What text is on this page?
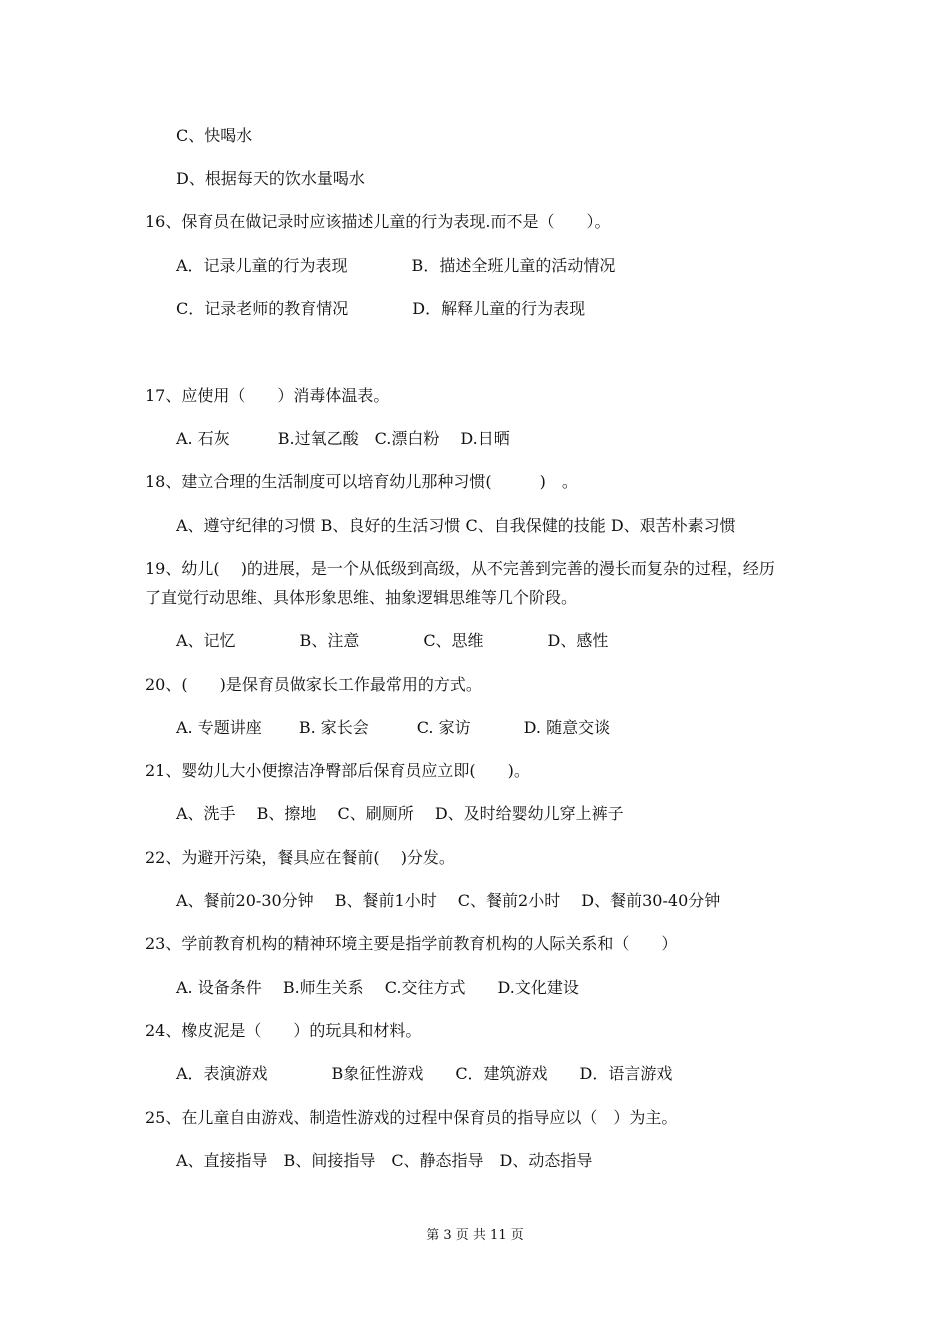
C、快喝水
D、根据每天的饮水量喝水
16、保育员在做记录时应该描述儿童的行为表现.而不是（　　）。
A．记录儿童的行为表现　　　　B．描述全班儿童的活动情况
C．记录老师的教育情况　　　　D．解释儿童的行为表现
17、应使用（　　）消毒体温表。
A. 石灰　　　B.过氧乙酸　C.漂白粉　 D.日晒
18、建立合理的生活制度可以培育幼儿那种习惯(　　　)　。
A、遵守纪律的习惯 B、良好的生活习惯 C、自我保健的技能 D、艰苦朴素习惯
19、幼儿(　 )的进展，是一个从低级到高级，从不完善到完善的漫长而复杂的过程，经历
了直觉行动思维、具体形象思维、抽象逻辑思维等几个阶段。
A、记忆　　　　B、注意　　　　C、思维　　　　D、感性
20、(　　)是保育员做家长工作最常用的方式。
A. 专题讲座　　 B. 家长会　　　C. 家访　　　 D. 随意交谈
21、婴幼儿大小便擦洁净臀部后保育员应立即(　　)。
A、洗手　 B、擦地　 C、刷厕所　 D、及时给婴幼儿穿上裤子
22、为避开污染，餐具应在餐前(　 )分发。
A、餐前20-30分钟　 B、餐前1小时　 C、餐前2小时　 D、餐前30-40分钟
23、学前教育机构的精神环境主要是指学前教育机构的人际关系和（　　）
A. 设备条件　 B.师生关系　 C.交往方式　　D.文化建设
24、橡皮泥是（　　）的玩具和材料。
A．表演游戏　　　　B象征性游戏　　C．建筑游戏　　D．语言游戏
25、在儿童自由游戏、制造性游戏的过程中保育员的指导应以（　）为主。
A、直接指导　B、间接指导　C、静态指导　D、动态指导
第 3 页 共 11 页
